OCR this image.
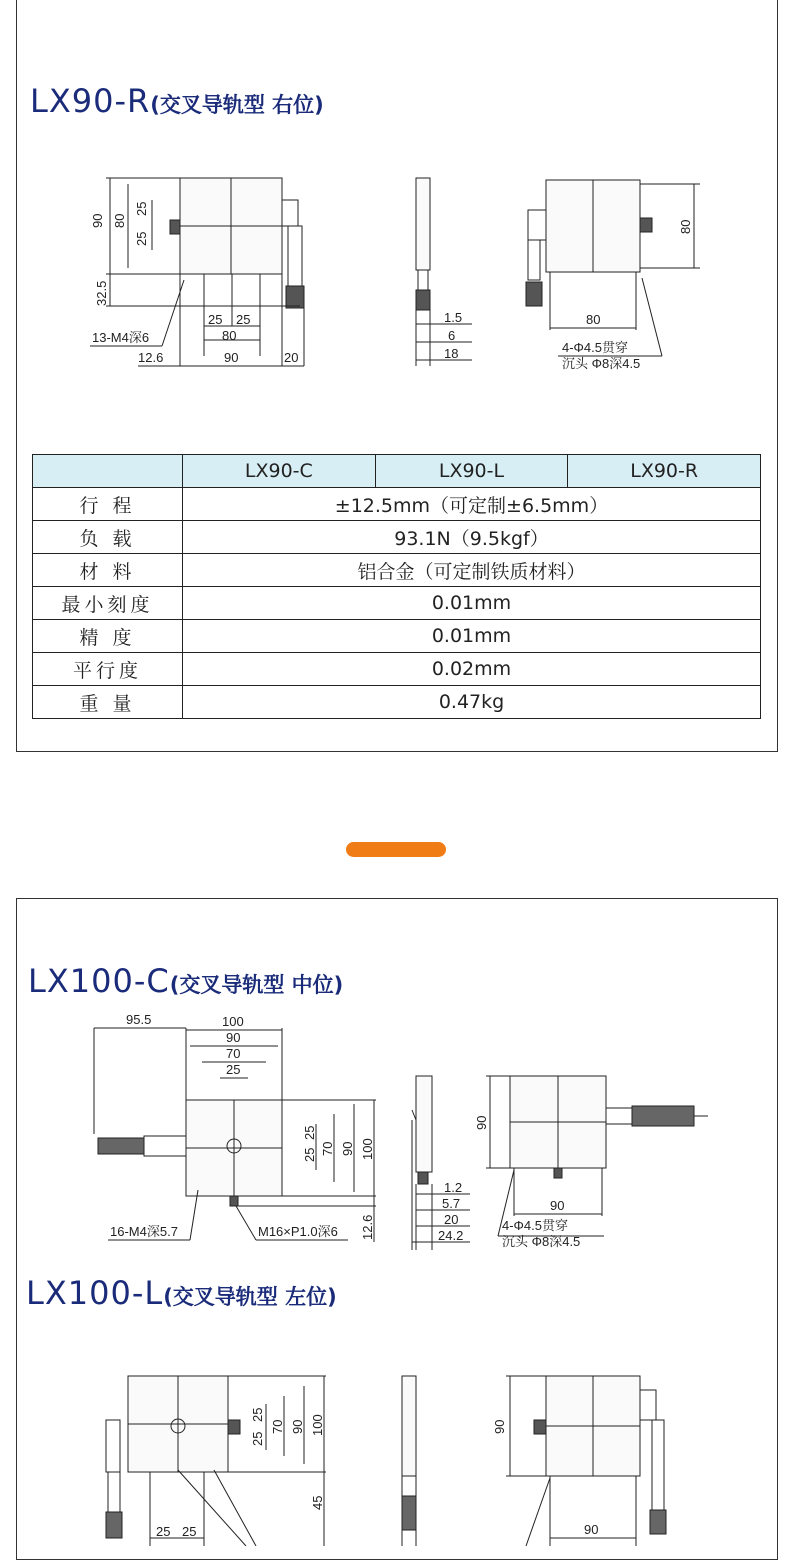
LX90-R(交叉导轨型 右位)
90 80
25
25
32.5
25 25
80
12.6	90	20
13-M4深6
1.5
6
18
80
80
4-Φ4.5贯穿
沉头 Φ8深4.5
	LX90-C	LX90-L	LX90-R
行 程	±12.5mm（可定制±6.5mm）		
负 载	93.1N（9.5kgf）		
材 料	铝合金（可定制铁质材料）		
最小刻度	0.01mm		
精 度	0.01mm		
平行度	0.02mm		
重 量	0.47kg		
LX100-C(交叉导轨型 中位)
95.5	100
90
70
25
25
25 70 90 100
12.6
16-M4深5.7	M16×P1.0深6
1.2
5.7
20
24.2
90
90
4-Φ4.5贯穿
沉头 Φ8深4.5
LX100-L(交叉导轨型 左位)
25
25
70 90 100
45
25 25
90
90
